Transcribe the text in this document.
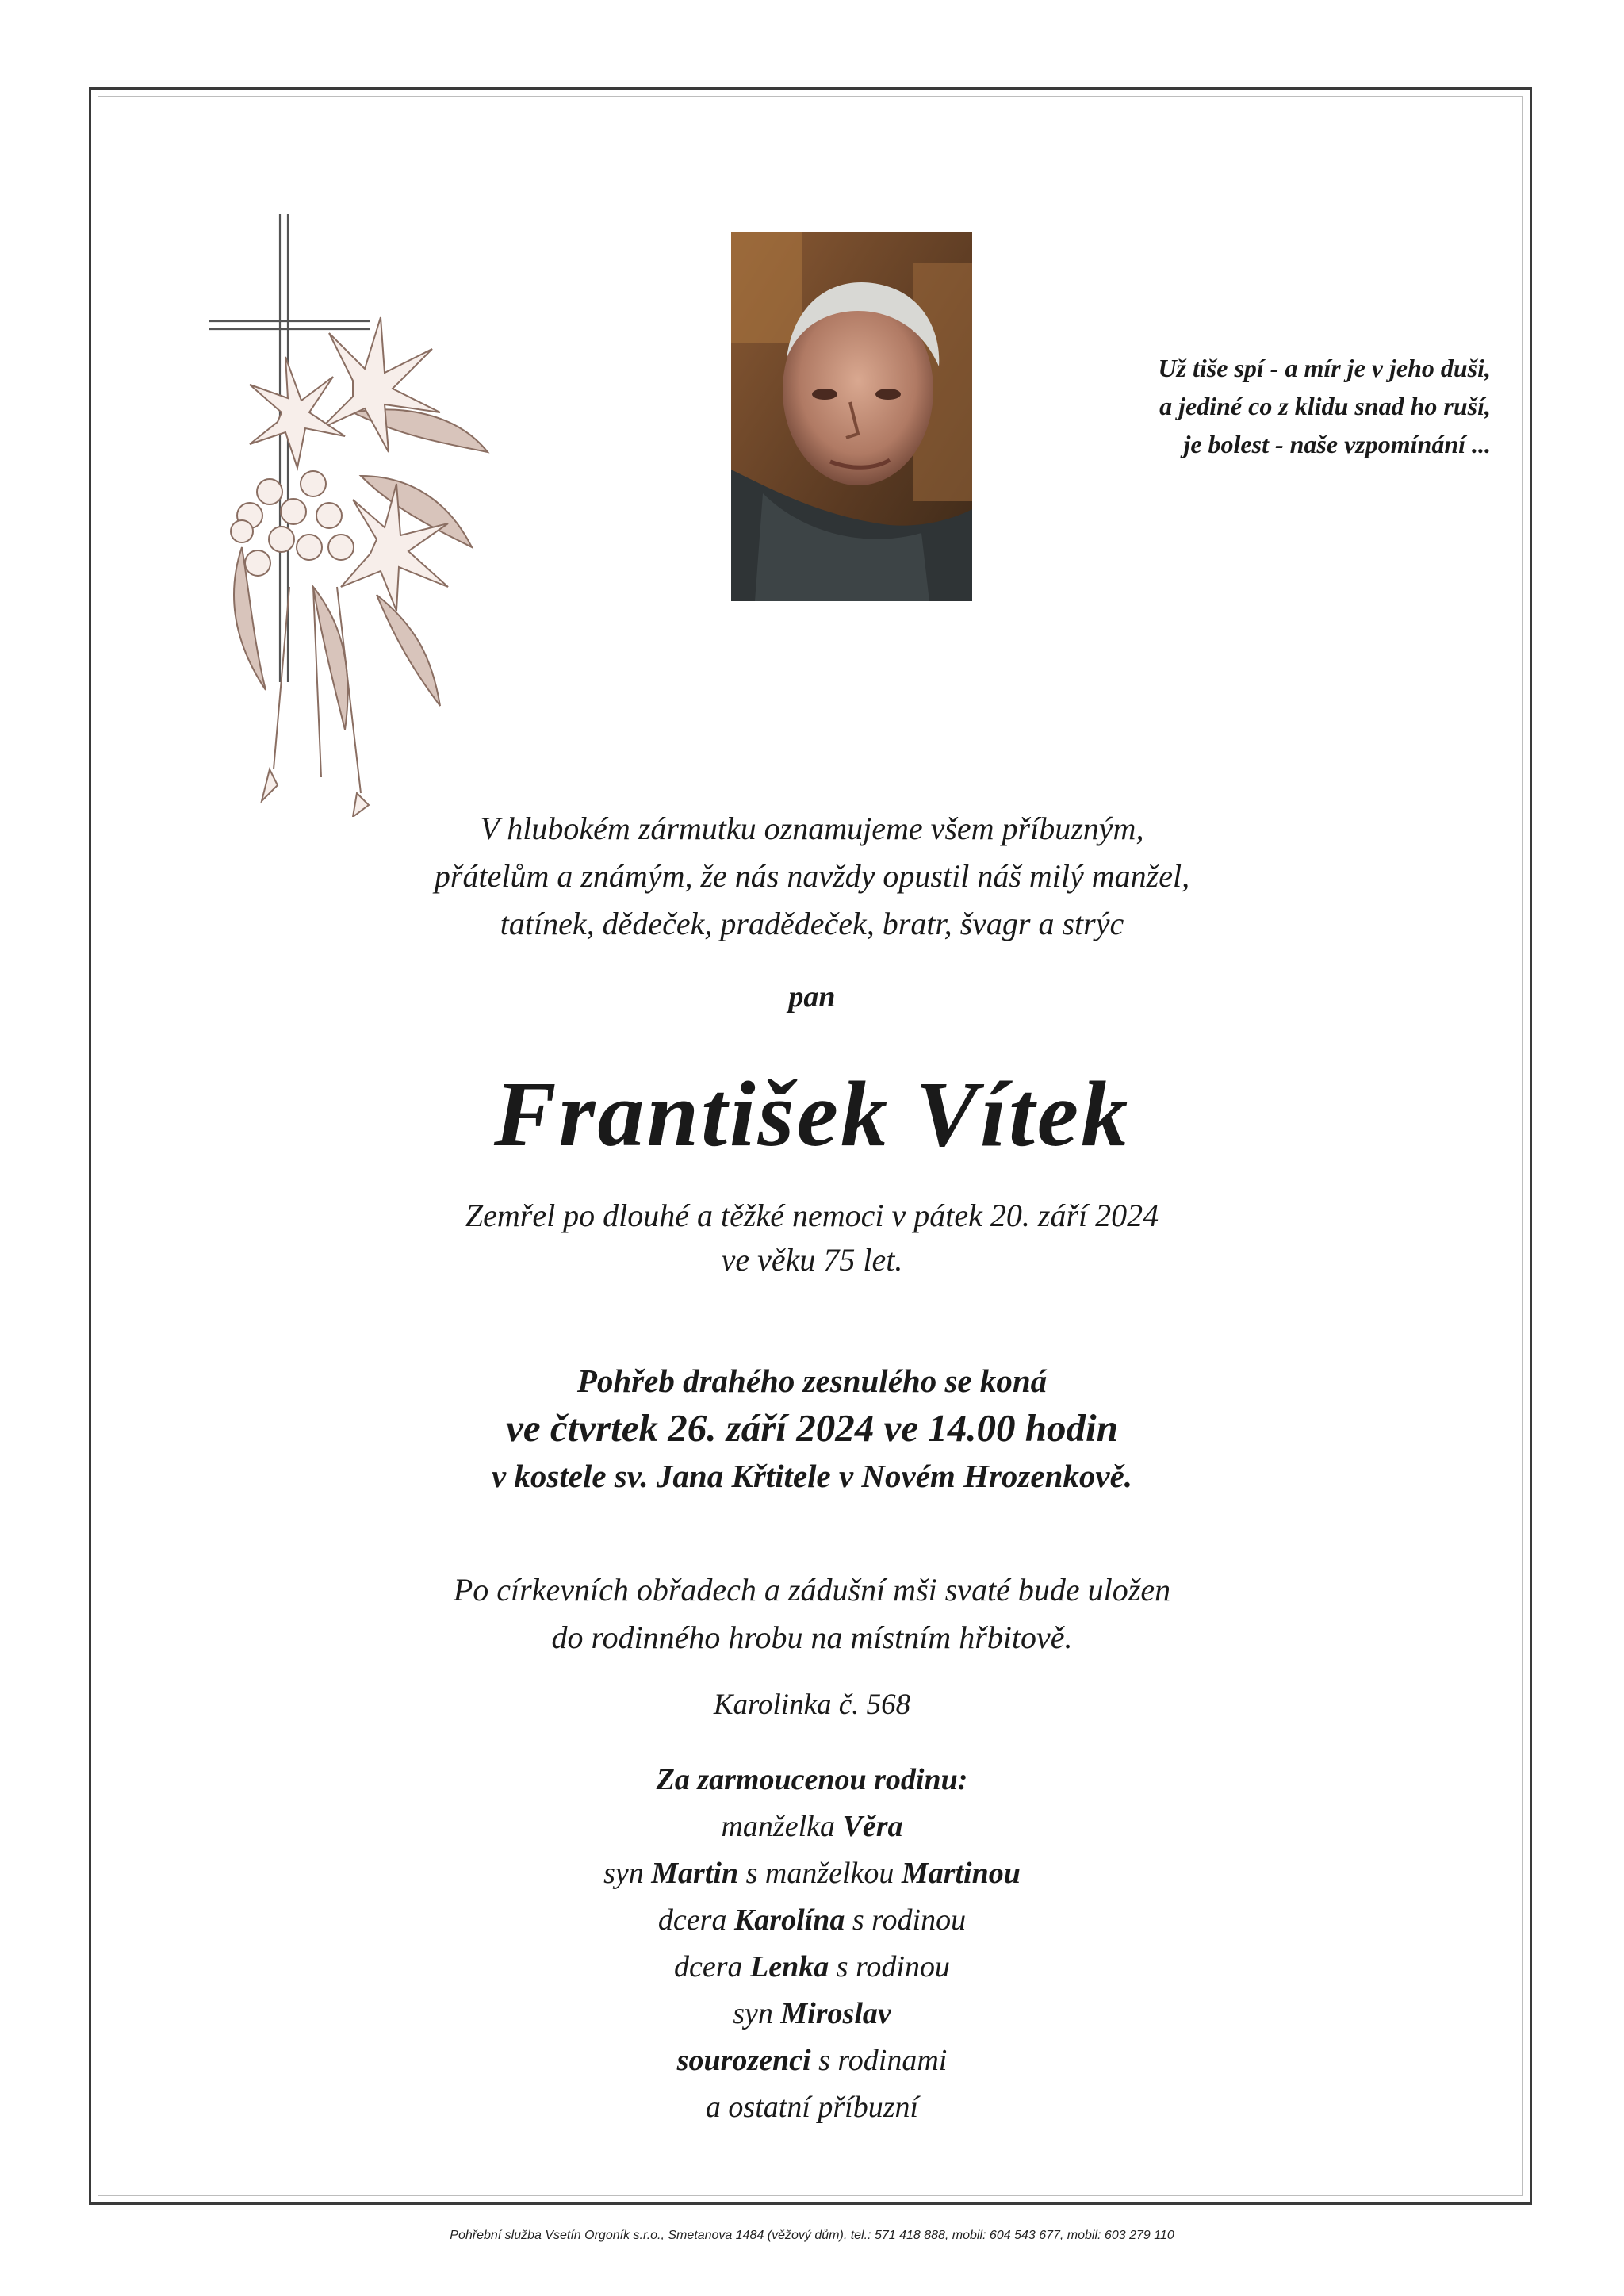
Už tiše spí - a mír je v jeho duši,
a jediné co z klidu snad ho ruší,
je bolest - naše vzpomínání ...
V hlubokém zármutku oznamujeme všem příbuzným,
přátelům a známým, že nás navždy opustil náš milý manžel,
tatínek, dědeček, pradědeček, bratr, švagr a strýc
pan
František Vítek
Zemřel po dlouhé a těžké nemoci v pátek 20. září 2024
ve věku 75 let.
Pohřeb drahého zesnulého se koná
ve čtvrtek 26. září 2024 ve 14.00 hodin
v kostele sv. Jana Křtitele v Novém Hrozenkově.
Po církevních obřadech a zádušní mši svaté bude uložen
do rodinného hrobu na místním hřbitově.
Karolinka č. 568
Za zarmoucenou rodinu:
manželka Věra
syn Martin s manželkou Martinou
dcera Karolína s rodinou
dcera Lenka s rodinou
syn Miroslav
sourozenci s rodinami
a ostatní příbuzní
Pohřební služba Vsetín Orgoník s.r.o., Smetanova 1484 (věžový dům), tel.: 571 418 888, mobil: 604 543 677, mobil: 603 279 110
